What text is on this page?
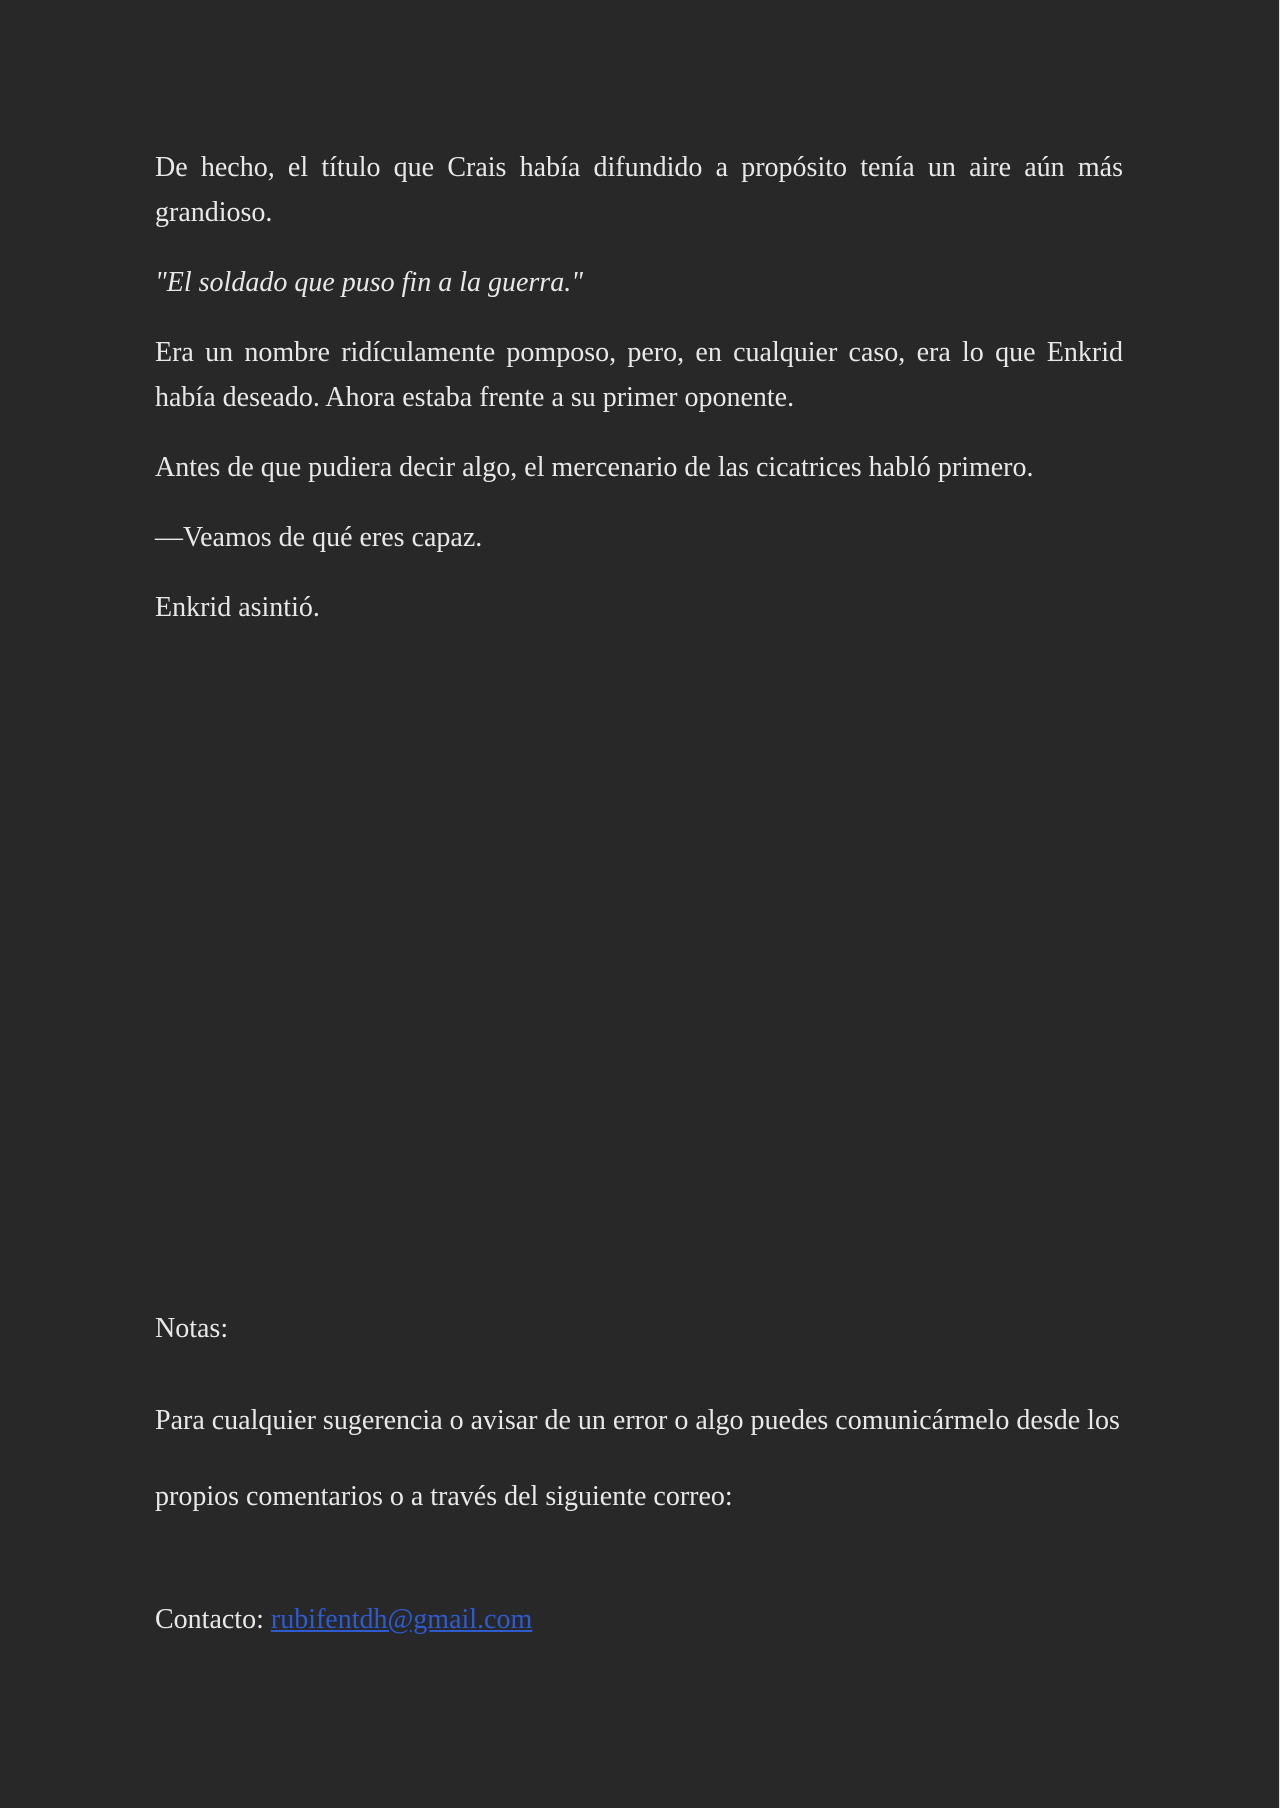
De hecho, el título que Crais había difundido a propósito tenía un aire aún más grandioso.

"El soldado que puso fin a la guerra."

Era un nombre ridículamente pomposo, pero, en cualquier caso, era lo que Enkrid había deseado. Ahora estaba frente a su primer oponente.

Antes de que pudiera decir algo, el mercenario de las cicatrices habló primero.

—Veamos de qué eres capaz.

Enkrid asintió.

Notas:

Para cualquier sugerencia o avisar de un error o algo puedes comunicármelo desde los propios comentarios o a través del siguiente correo:

Contacto: rubifentdh@gmail.com
